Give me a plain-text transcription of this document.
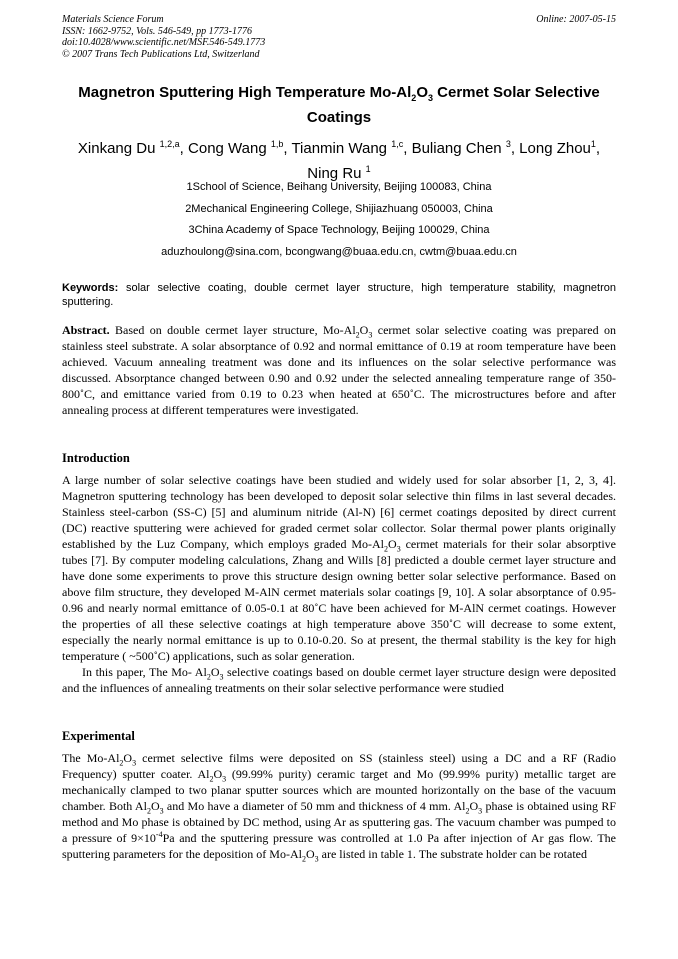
Materials Science Forum
ISSN: 1662-9752, Vols. 546-549, pp 1773-1776
doi:10.4028/www.scientific.net/MSF.546-549.1773
© 2007 Trans Tech Publications Ltd, Switzerland
Online: 2007-05-15
Magnetron Sputtering High Temperature $Mo-Al_2O_3$ Cermet Solar Selective Coatings
Xinkang Du $^{1,2,a}$, Cong Wang $^{1,b}$, Tianmin Wang $^{1,c}$, Buliang Chen $^3$, Long Zhou$^1$, Ning Ru $^1$
1School of Science, Beihang University, Beijing 100083, China
2Mechanical Engineering College, Shijiazhuang 050003, China
3China Academy of Space Technology, Beijing 100029, China
aduzhoulong@sina.com, bcongwang@buaa.edu.cn, cwtm@buaa.edu.cn
Keywords: solar selective coating, double cermet layer structure, high temperature stability, magnetron sputtering.

Abstract. Based on double cermet layer structure, $Mo-Al_2O_3$ cermet solar selective coating was prepared on stainless steel substrate. A solar absorptance of 0.92 and normal emittance of 0.19 at room temperature have been achieved. Vacuum annealing treatment was done and its influences on the solar selective performance was discussed. Absorptance changed between 0.90 and 0.92 under the selected annealing temperature range of 350-800˚C, and emittance varied from 0.19 to 0.23 when heated at 650˚C. The microstructures before and after annealing process at different temperatures were investigated.

Introduction

A large number of solar selective coatings have been studied and widely used for solar absorber [1, 2, 3, 4]. Magnetron sputtering technology has been developed to deposit solar selective thin films in last several decades. Stainless steel-carbon (SS-C) [5] and aluminum nitride (Al-N) [6] cermet coatings deposited by direct current (DC) reactive sputtering were achieved for graded cermet solar collector. Solar thermal power plants originally established by the Luz Company, which employs graded $Mo-Al_2O_3$ cermet materials for their solar absorptive tubes [7]. By computer modeling calculations, Zhang and Wills [8] predicted a double cermet layer structure and have done some experiments to prove this structure design owning better solar selective performance. Based on above film structure, they developed M-AlN cermet materials solar coatings [9, 10]. A solar absorptance of 0.95-0.96 and nearly normal emittance of 0.05-0.1 at 80˚C have been achieved for M-AlN cermet coatings. However the properties of all these selective coatings at high temperature above 350˚C will decrease to some extent, especially the nearly normal emittance is up to 0.10-0.20. So at present, the thermal stability is the key for high temperature ( ~500˚C) applications, such as solar generation.

In this paper, The Mo- $Al_2O_3$ selective coatings based on double cermet layer structure design were deposited and the influences of annealing treatments on their solar selective performance were studied

Experimental

The $Mo-Al_2O_3$ cermet selective films were deposited on SS (stainless steel) using a DC and a RF (Radio Frequency) sputter coater. $Al_2O_3$ (99.99% purity) ceramic target and Mo (99.99% purity) metallic target are mechanically clamped to two planar sputter sources which are mounted horizontally on the base of the vacuum chamber. Both $Al_2O_3$ and Mo have a diameter of 50 mm and thickness of 4 mm. $Al_2O_3$ phase is obtained using RF method and Mo phase is obtained by DC method, using Ar as sputtering gas. The vacuum chamber was pumped to a pressure of $9\times 10^{-4}Pa$ and the sputtering pressure was controlled at 1.0 Pa after injection of Ar gas flow. The sputtering parameters for the deposition of $Mo-Al_2O_3$ are listed in table 1. The substrate holder can be rotated
